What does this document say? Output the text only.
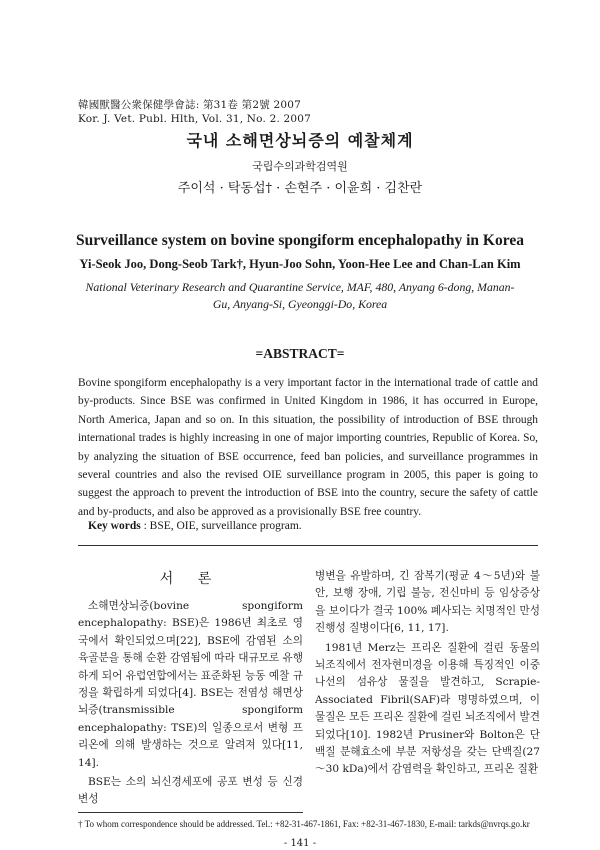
韓國獸醫公衆保健學會誌: 第31卷 第2號 2007
Kor. J. Vet. Publ. Hlth, Vol. 31, No. 2. 2007
국내 소해면상뇌증의 예찰체계
국립수의과학검역원
주이석 · 탁동섭† · 손현주 · 이윤희 · 김찬란
Surveillance system on bovine spongiform encephalopathy in Korea
Yi-Seok Joo, Dong-Seob Tark†, Hyun-Joo Sohn, Yoon-Hee Lee and Chan-Lan Kim
National Veterinary Research and Quarantine Service, MAF, 480, Anyang 6-dong, Manan-Gu, Anyang-Si, Gyeonggi-Do, Korea
=ABSTRACT=
Bovine spongiform encephalopathy is a very important factor in the international trade of cattle and by-products. Since BSE was confirmed in United Kingdom in 1986, it has occurred in Europe, North America, Japan and so on. In this situation, the possibility of introduction of BSE through international trades is highly increasing in one of major importing countries, Republic of Korea. So, by analyzing the situation of BSE occurrence, feed ban policies, and surveillance programmes in several countries and also the revised OIE surveillance program in 2005, this paper is going to suggest the approach to prevent the introduction of BSE into the country, secure the safety of cattle and by-products, and also be approved as a provisionally BSE free country.
Key words : BSE, OIE, surveillance program.
서 론

소해면상뇌증(bovine spongiform encephalopathy: BSE)은 1986년 최초로 영국에서 확인되었으며[22], BSE에 감염된 소의 육골분을 통해 순환 감염됨에 따라 대규모로 유행하게 되어 유럽연합에서는 표준화된 능동 예찰 규정을 확립하게 되었다[4]. BSE는 전염성 해면상뇌증(transmissible spongiform encephalopathy: TSE)의 일종으로서 변형 프리온에 의해 발생하는 것으로 알려져 있다[11, 14].

BSE는 소의 뇌신경세포에 공포 변성 등 신경 변성

병변을 유발하며, 긴 잠복기(평균 4～5년)와 불안, 보행 장애, 기립 불능, 전신마비 등 임상증상을 보이다가 결국 100% 폐사되는 치명적인 만성 진행성 질병이다[6, 11, 17].

1981년 Merz는 프리온 질환에 걸린 동물의 뇌조직에서 전자현미경을 이용해 특징적인 이중 나선의 섬유상 물질을 발견하고, Scrapie-Associated Fibril(SAF)라 명명하였으며, 이 물질은 모든 프리온 질환에 걸린 뇌조직에서 발견되었다[10]. 1982년 Prusiner와 Bolton은 단백질 분해효소에 부분 저항성을 갖는 단백질(27～30 kDa)에서 감염력을 확인하고, 프리온 질환

† To whom correspondence should be addressed. Tel.: +82-31-467-1861, Fax: +82-31-467-1830, E-mail: tarkds@nvrqs.go.kr
- 141 -
